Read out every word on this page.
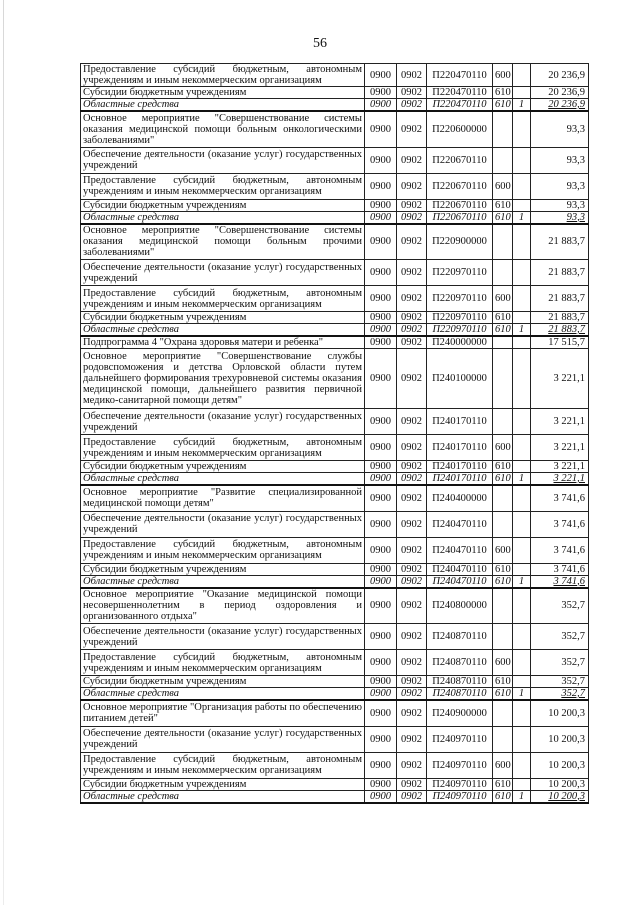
56
Предоставление субсидий бюджетным, автономным учреждениям и иным некоммерческим организациям	0900	0902	П220470110	600		20 236,9
Субсидии бюджетным учреждениям	0900	0902	П220470110	610		20 236,9
Областные средства	0900	0902	П220470110	610	1	20 236,9
Основное мероприятие "Совершенствование системы оказания медицинской помощи больным онкологическими заболеваниями"	0900	0902	П220600000			93,3
Обеспечение деятельности (оказание услуг) государственных учреждений	0900	0902	П220670110			93,3
Предоставление субсидий бюджетным, автономным учреждениям и иным некоммерческим организациям	0900	0902	П220670110	600		93,3
Субсидии бюджетным учреждениям	0900	0902	П220670110	610		93,3
Областные средства	0900	0902	П220670110	610	1	93,3
Основное мероприятие "Совершенствование системы оказания медицинской помощи больным прочими заболеваниями"	0900	0902	П220900000			21 883,7
Обеспечение деятельности (оказание услуг) государственных учреждений	0900	0902	П220970110			21 883,7
Предоставление субсидий бюджетным, автономным учреждениям и иным некоммерческим организациям	0900	0902	П220970110	600		21 883,7
Субсидии бюджетным учреждениям	0900	0902	П220970110	610		21 883,7
Областные средства	0900	0902	П220970110	610	1	21 883,7
Подпрограмма 4 "Охрана здоровья матери и ребенка"	0900	0902	П240000000			17 515,7
Основное мероприятие "Совершенствование службы родовспоможения и детства Орловской области путем дальнейшего формирования трехуровневой системы оказания медицинской помощи, дальнейшего развития первичной медико-санитарной помощи детям"	0900	0902	П240100000			3 221,1
Обеспечение деятельности (оказание услуг) государственных учреждений	0900	0902	П240170110			3 221,1
Предоставление субсидий бюджетным, автономным учреждениям и иным некоммерческим организациям	0900	0902	П240170110	600		3 221,1
Субсидии бюджетным учреждениям	0900	0902	П240170110	610		3 221,1
Областные средства	0900	0902	П240170110	610	1	3 221,1
Основное мероприятие "Развитие специализированной медицинской помощи детям"	0900	0902	П240400000			3 741,6
Обеспечение деятельности (оказание услуг) государственных учреждений	0900	0902	П240470110			3 741,6
Предоставление субсидий бюджетным, автономным учреждениям и иным некоммерческим организациям	0900	0902	П240470110	600		3 741,6
Субсидии бюджетным учреждениям	0900	0902	П240470110	610		3 741,6
Областные средства	0900	0902	П240470110	610	1	3 741,6
Основное мероприятие "Оказание медицинской помощи несовершеннолетним в период оздоровления и организованного отдыха"	0900	0902	П240800000			352,7
Обеспечение деятельности (оказание услуг) государственных учреждений	0900	0902	П240870110			352,7
Предоставление субсидий бюджетным, автономным учреждениям и иным некоммерческим организациям	0900	0902	П240870110	600		352,7
Субсидии бюджетным учреждениям	0900	0902	П240870110	610		352,7
Областные средства	0900	0902	П240870110	610	1	352,7
Основное мероприятие "Организация работы по обеспечению питанием детей"	0900	0902	П240900000			10 200,3
Обеспечение деятельности (оказание услуг) государственных учреждений	0900	0902	П240970110			10 200,3
Предоставление субсидий бюджетным, автономным учреждениям и иным некоммерческим организациям	0900	0902	П240970110	600		10 200,3
Субсидии бюджетным учреждениям	0900	0902	П240970110	610		10 200,3
Областные средства	0900	0902	П240970110	610	1	10 200,3
